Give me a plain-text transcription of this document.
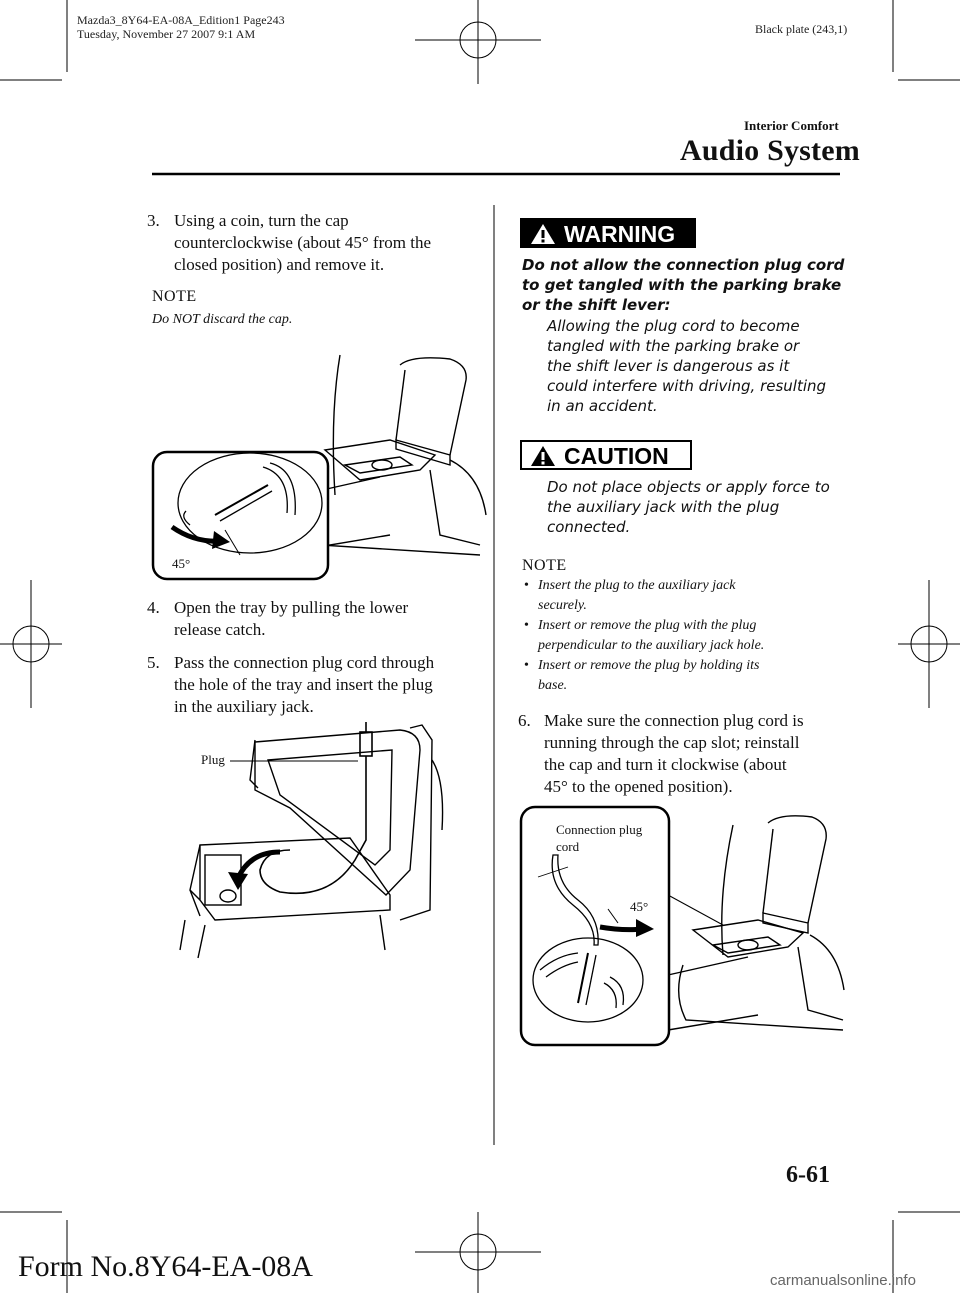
Mazda3_8Y64-EA-08A_Edition1 Page243
Tuesday, November 27 2007 9:1 AM	Black plate (243,1)
Interior Comfort
Audio System
3. Using a coin, turn the cap
counterclockwise (about 45° from the
closed position) and remove it.
NOTE
Do NOT discard the cap.
45°
4. Open the tray by pulling the lower
release catch.
5. Pass the connection plug cord through
the hole of the tray and insert the plug
in the auxiliary jack.
Plug
WARNING
Do not allow the connection plug cord
to get tangled with the parking brake
or the shift lever:
Allowing the plug cord to become
tangled with the parking brake or
the shift lever is dangerous as it
could interfere with driving, resulting
in an accident.
CAUTION
Do not place objects or apply force to
the auxiliary jack with the plug
connected.
NOTE
• Insert the plug to the auxiliary jack
securely.
• Insert or remove the plug with the plug
perpendicular to the auxiliary jack hole.
• Insert or remove the plug by holding its
base.
6. Make sure the connection plug cord is
running through the cap slot; reinstall
the cap and turn it clockwise (about
45° to the opened position).
Connection plug
cord
45°
6-61
Form No.8Y64-EA-08A	carmanualsonline.info
